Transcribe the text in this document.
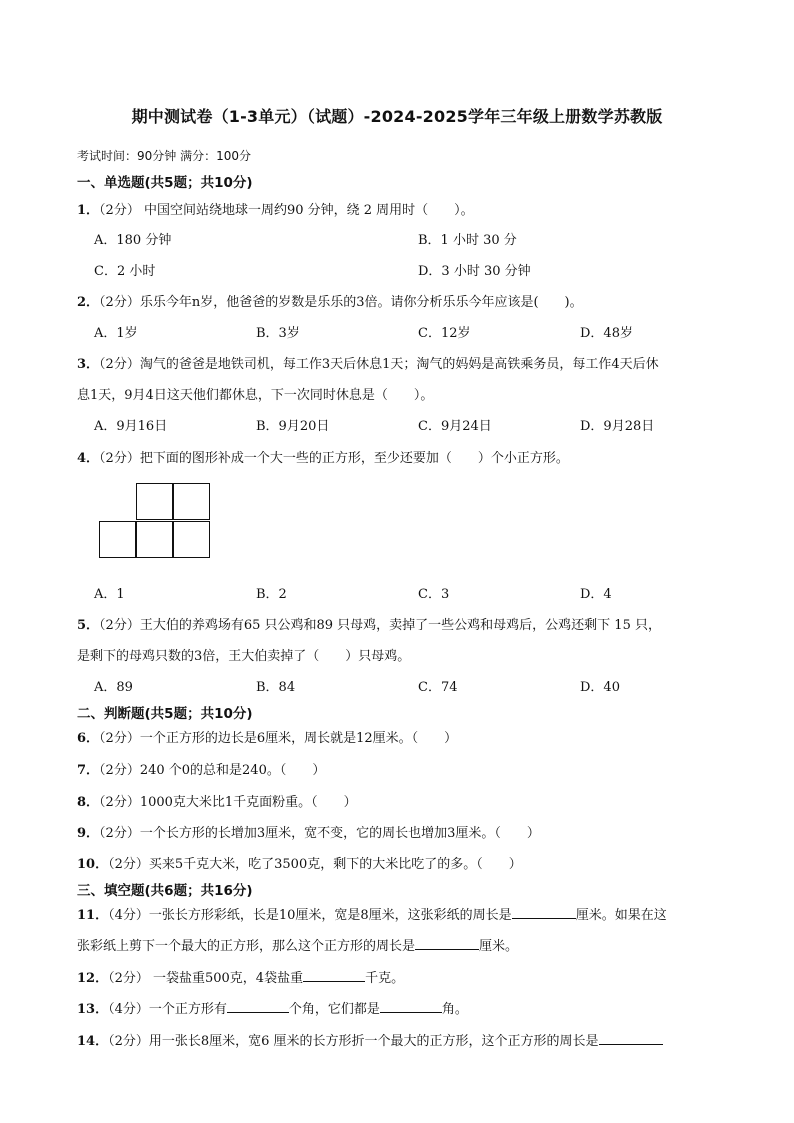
期中测试卷（1-3单元）（试题）-2024-2025学年三年级上册数学苏教版
考试时间：90分钟 满分：100分
一、单选题(共5题；共10分)
1．（2分） 中国空间站绕地球一周约90 分钟，绕 2 周用时（　　）。
A．180 分钟	B．1 小时 30 分
C．2 小时	D．3 小时 30 分钟
2．（2分）乐乐今年n岁，他爸爸的岁数是乐乐的3倍。请你分析乐乐今年应该是(　　)。
A．1岁	B．3岁	C．12岁	D．48岁
3．（2分）淘气的爸爸是地铁司机，每工作3天后休息1天；淘气的妈妈是高铁乘务员，每工作4天后休
息1天，9月4日这天他们都休息，下一次同时休息是（　　）。
A．9月16日	B．9月20日	C．9月24日	D．9月28日
4．（2分）把下面的图形补成一个大一些的正方形，至少还要加（　　）个小正方形。
A．1	B．2	C．3	D．4
5．（2分）王大伯的养鸡场有65 只公鸡和89 只母鸡，卖掉了一些公鸡和母鸡后，公鸡还剩下 15 只，
是剩下的母鸡只数的3倍，王大伯卖掉了（　　）只母鸡。
A．89	B．84	C．74	D．40
二、判断题(共5题；共10分)
6．（2分）一个正方形的边长是6厘米，周长就是12厘米。（　　）
7．（2分）240 个0的总和是240。（　　）
8．（2分）1000克大米比1千克面粉重。（　　）
9．（2分）一个长方形的长增加3厘米，宽不变，它的周长也增加3厘米。（　　）
10．（2分）买来5千克大米，吃了3500克，剩下的大米比吃了的多。（　　）
三、填空题(共6题；共16分)
11．（4分）一张长方形彩纸，长是10厘米，宽是8厘米，这张彩纸的周长是	厘米。如果在这
张彩纸上剪下一个最大的正方形，那么这个正方形的周长是	厘米。
12．（2分） 一袋盐重500克，4袋盐重	千克。
13．（4分）一个正方形有	个角，它们都是	角。
14．（2分）用一张长8厘米，宽6 厘米的长方形折一个最大的正方形，这个正方形的周长是
